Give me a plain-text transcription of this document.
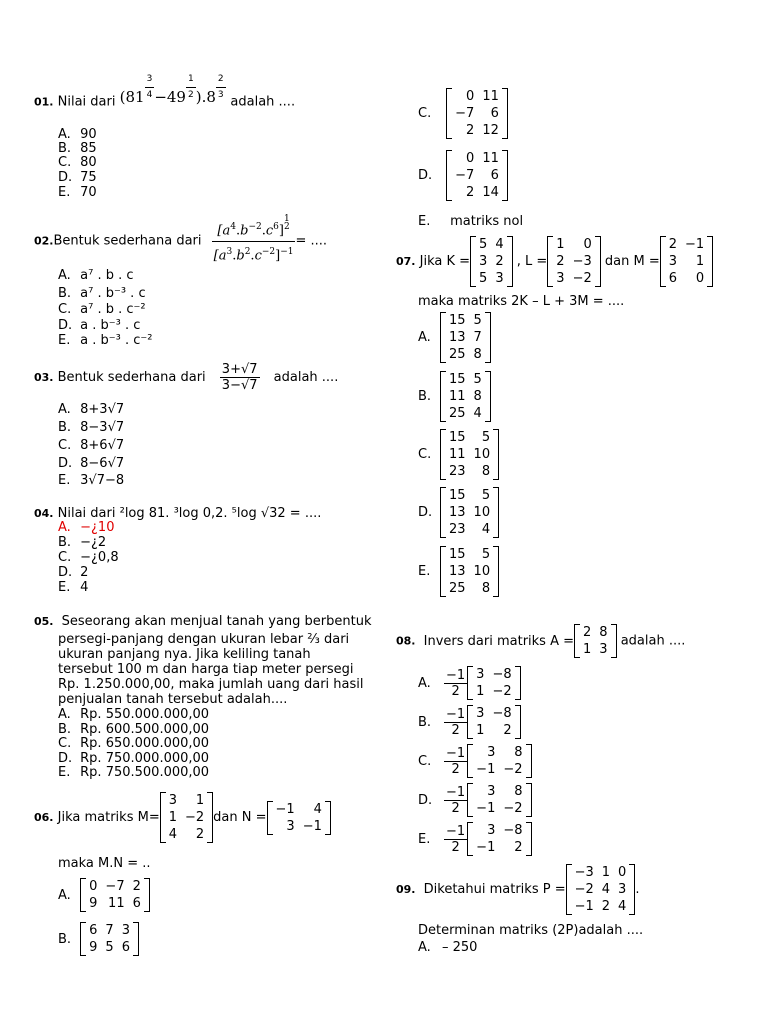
01. Nilai dari $(81 \frac{3}{4} -49 \frac{1}{2} ).8 \frac{2}{3}$ adalah ....
A. 90
B. 85
C. 80
D. 75
E. 70
02.Bentuk sederhana dari
$[a^4.b^{-2}.c^6]^{1 2}$
$[a^3.b^2.c^{-2}]^{-1}$
= ....
A. a⁷ . b . c
B. a⁷ . b⁻³ . c
C. a⁷ . b . c⁻²
D. a . b⁻³ . c
E. a . b⁻³ . c⁻²
03. Bentuk sederhana dari $\frac{3+√7}{3-√7}$ adalah ....
A. 8+3√7
B. 8−3√7
C. 8+6√7
D. 8−6√7
E. 3√7−8
04. Nilai dari ²log 81. ³log 0,2. ⁵log √32 = ....
A. −¿10
B. −¿2
C. −¿0,8
D. 2
E. 4
05. Seseorang akan menjual tanah yang berbentuk
persegi-panjang dengan ukuran lebar ⅔ dari
ukuran panjang nya. Jika keliling tanah
tersebut 100 m dan harga tiap meter persegi
Rp. 1.250.000,00, maka jumlah uang dari hasil
penjualan tanah tersebut adalah....
A. Rp. 550.000.000,00
B. Rp. 600.500.000,00
C. Rp. 650.000.000,00
D. Rp. 750.000.000,00
E. Rp. 750.500.000,00
06. Jika matriks M=
3	1
1	−2
4	2
dan N =
−1	4
3	−1
maka M.N = ..
A.
0	−7	2
9	11	6
B.
6	7	3
9	5	6
C.
0	11
−7	6
2	12
D.
0	11
−7	6
2	14
E. matriks nol
07. Jika K =
5	4
3	2
5	3
, L =
1	0
2	−3
3	−2
dan M =
2	−1
3	1
6	0
maka matriks 2K – L + 3M = ....
A.
15	5
13	7
25	8
B.
15	5
11	8
25	4
C.
15	5
11	10
23	8
D.
15	5
13	10
23	4
E.
15	5
13	10
25	8
08. Invers dari matriks A =
2	8
1	3
adalah ....
A. $\frac{-1}{2} 3$	−8
1	−2
B. $\frac{-1}{2} 3$	−8
1	2
C. $\frac{-1}{2} 3$	8
−1	−2
D. $\frac{-1}{2} 3$	8
−1	−2
E. $\frac{-1}{2} 3$	−8
−1	2
09. Diketahui matriks P =
−3	1	0
−2	4	3
−1	2	4
.
Determinan matriks (2P)adalah ....
A. – 250
